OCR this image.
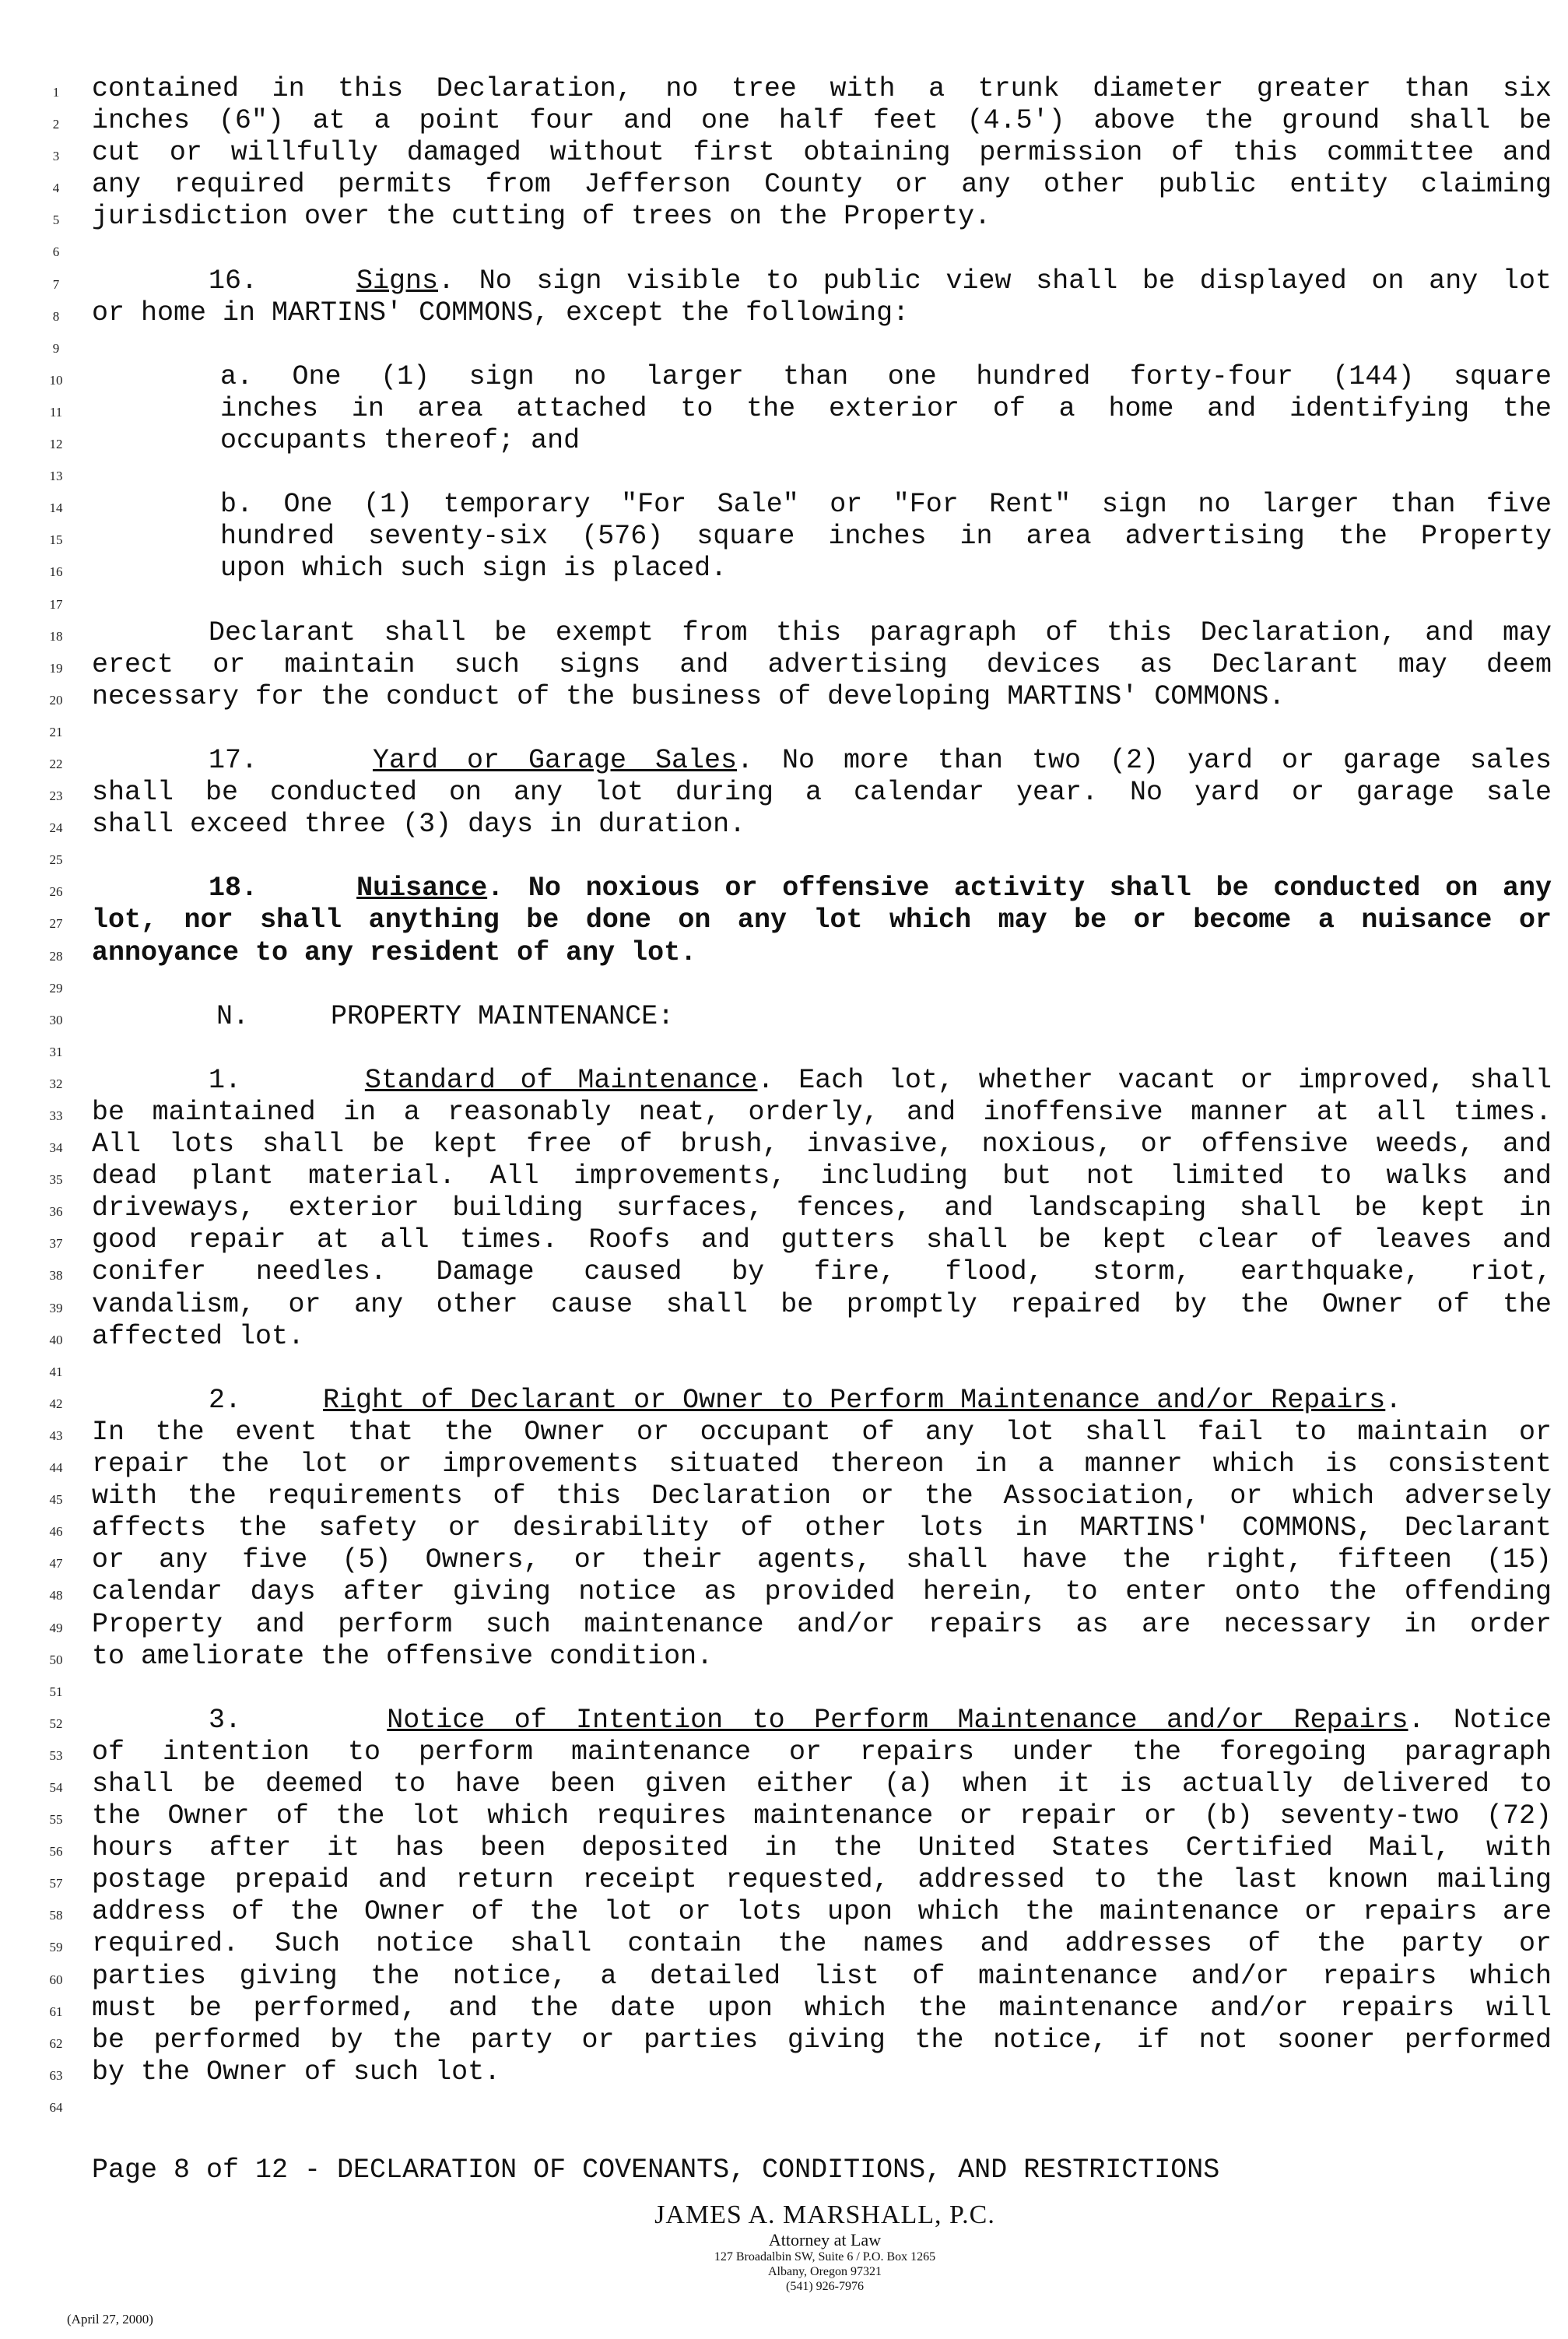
1
2
3
4
5
6
7
8
9
10
11
12
13
14
15
16
17
18
19
20
21
22
23
24
25
26
27
28
29
30
31
32
33
34
35
36
37
38
39
40
41
42
43
44
45
46
47
48
49
50
51
52
53
54
55
56
57
58
59
60
61
62
63
64
contained in this Declaration, no tree with a trunk diameter greater than six
inches (6") at a point four and one half feet (4.5') above the ground shall be
cut or willfully damaged without first obtaining permission of this committee and
any required permits from Jefferson County or any other public entity claiming
jurisdiction over the cutting of trees on the Property.
16.	Signs. No sign visible to public view shall be displayed on any lot
or home in MARTINS' COMMONS, except the following:
a. One (1) sign no larger than one hundred forty-four (144) square
inches in area attached to the exterior of a home and identifying the
occupants thereof; and
b. One (1) temporary "For Sale" or "For Rent" sign no larger than five
hundred seventy-six (576) square inches in area advertising the Property
upon which such sign is placed.
Declarant shall be exempt from this paragraph of this Declaration, and may
erect or maintain such signs and advertising devices as Declarant may deem
necessary for the conduct of the business of developing MARTINS' COMMONS.
17.	Yard or Garage Sales. No more than two (2) yard or garage sales
shall be conducted on any lot during a calendar year. No yard or garage sale
shall exceed three (3) days in duration.
18.	Nuisance. No noxious or offensive activity shall be conducted on any
lot, nor shall anything be done on any lot which may be or become a nuisance or
annoyance to any resident of any lot.
N.     PROPERTY MAINTENANCE:
1.	Standard of Maintenance. Each lot, whether vacant or improved, shall
be maintained in a reasonably neat, orderly, and inoffensive manner at all times.
All lots shall be kept free of brush, invasive, noxious, or offensive weeds, and
dead plant material. All improvements, including but not limited to walks and
driveways, exterior building surfaces, fences, and landscaping shall be kept in
good repair at all times. Roofs and gutters shall be kept clear of leaves and
conifer needles. Damage caused by fire, flood, storm, earthquake, riot,
vandalism, or any other cause shall be promptly repaired by the Owner of the
affected lot.
2.	Right of Declarant or Owner to Perform Maintenance and/or Repairs.
In the event that the Owner or occupant of any lot shall fail to maintain or
repair the lot or improvements situated thereon in a manner which is consistent
with the requirements of this Declaration or the Association, or which adversely
affects the safety or desirability of other lots in MARTINS' COMMONS, Declarant
or any five (5) Owners, or their agents, shall have the right, fifteen (15)
calendar days after giving notice as provided herein, to enter onto the offending
Property and perform such maintenance and/or repairs as are necessary in order
to ameliorate the offensive condition.
3.	Notice of Intention to Perform Maintenance and/or Repairs. Notice
of intention to perform maintenance or repairs under the foregoing paragraph
shall be deemed to have been given either (a) when it is actually delivered to
the Owner of the lot which requires maintenance or repair or (b) seventy-two (72)
hours after it has been deposited in the United States Certified Mail, with
postage prepaid and return receipt requested, addressed to the last known mailing
address of the Owner of the lot or lots upon which the maintenance or repairs are
required. Such notice shall contain the names and addresses of the party or
parties giving the notice, a detailed list of maintenance and/or repairs which
must be performed, and the date upon which the maintenance and/or repairs will
be performed by the party or parties giving the notice, if not sooner performed
by the Owner of such lot.
Page 8 of 12 - DECLARATION OF COVENANTS, CONDITIONS, AND RESTRICTIONS
JAMES A. MARSHALL, P.C.
Attorney at Law
127 Broadalbin SW, Suite 6 / P.O. Box 1265
Albany, Oregon 97321
(541) 926-7976
(April 27, 2000)
